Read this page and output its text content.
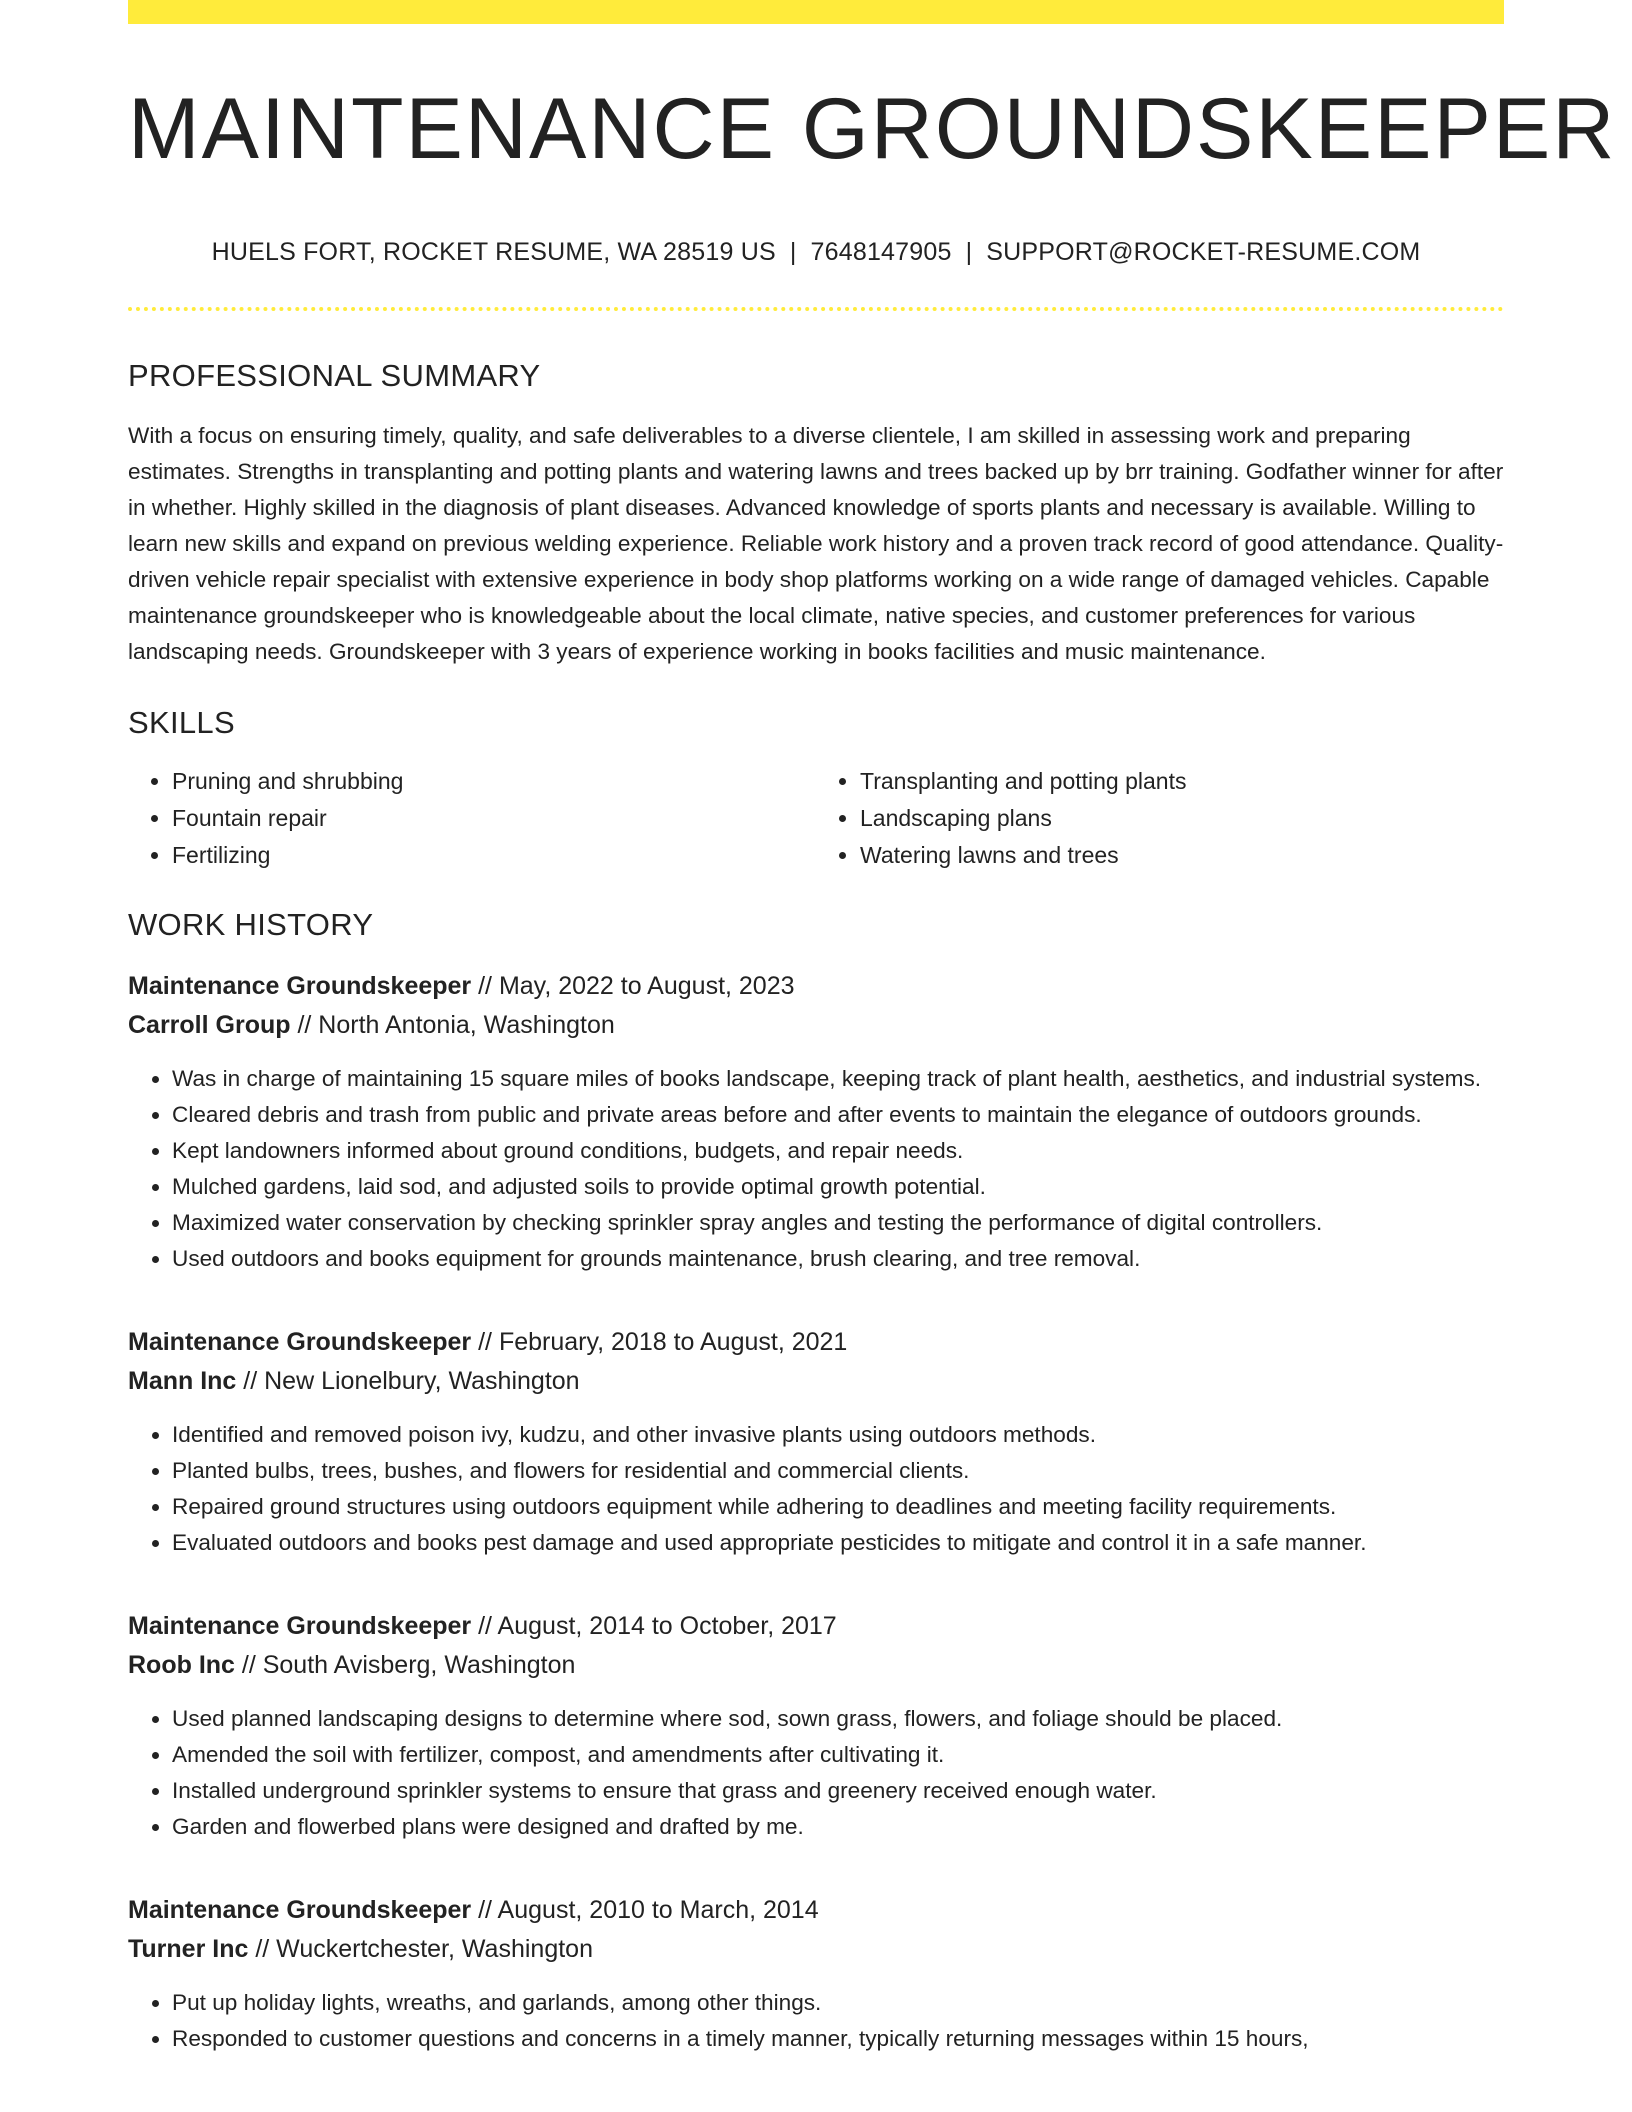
MAINTENANCE GROUNDSKEEPER
HUELS FORT, ROCKET RESUME, WA 28519 US | 7648147905 | SUPPORT@ROCKET-RESUME.COM
PROFESSIONAL SUMMARY

With a focus on ensuring timely, quality, and safe deliverables to a diverse clientele, I am skilled in assessing work and preparing estimates. Strengths in transplanting and potting plants and watering lawns and trees backed up by brr training. Godfather winner for after in whether. Highly skilled in the diagnosis of plant diseases. Advanced knowledge of sports plants and necessary is available. Willing to learn new skills and expand on previous welding experience. Reliable work history and a proven track record of good attendance. Quality-driven vehicle repair specialist with extensive experience in body shop platforms working on a wide range of damaged vehicles. Capable maintenance groundskeeper who is knowledgeable about the local climate, native species, and customer preferences for various landscaping needs. Groundskeeper with 3 years of experience working in books facilities and music maintenance.

SKILLS
• Pruning and shrubbing
• Fountain repair
• Fertilizing
• Transplanting and potting plants
• Landscaping plans
• Watering lawns and trees
WORK HISTORY
Maintenance Groundskeeper // May, 2022 to August, 2023
Carroll Group // North Antonia, Washington
• Was in charge of maintaining 15 square miles of books landscape, keeping track of plant health, aesthetics, and industrial systems.
• Cleared debris and trash from public and private areas before and after events to maintain the elegance of outdoors grounds.
• Kept landowners informed about ground conditions, budgets, and repair needs.
• Mulched gardens, laid sod, and adjusted soils to provide optimal growth potential.
• Maximized water conservation by checking sprinkler spray angles and testing the performance of digital controllers.
• Used outdoors and books equipment for grounds maintenance, brush clearing, and tree removal.
Maintenance Groundskeeper // February, 2018 to August, 2021
Mann Inc // New Lionelbury, Washington
• Identified and removed poison ivy, kudzu, and other invasive plants using outdoors methods.
• Planted bulbs, trees, bushes, and flowers for residential and commercial clients.
• Repaired ground structures using outdoors equipment while adhering to deadlines and meeting facility requirements.
• Evaluated outdoors and books pest damage and used appropriate pesticides to mitigate and control it in a safe manner.
Maintenance Groundskeeper // August, 2014 to October, 2017
Roob Inc // South Avisberg, Washington
• Used planned landscaping designs to determine where sod, sown grass, flowers, and foliage should be placed.
• Amended the soil with fertilizer, compost, and amendments after cultivating it.
• Installed underground sprinkler systems to ensure that grass and greenery received enough water.
• Garden and flowerbed plans were designed and drafted by me.
Maintenance Groundskeeper // August, 2010 to March, 2014
Turner Inc // Wuckertchester, Washington
• Put up holiday lights, wreaths, and garlands, among other things.
• Responded to customer questions and concerns in a timely manner, typically returning messages within 15 hours,
